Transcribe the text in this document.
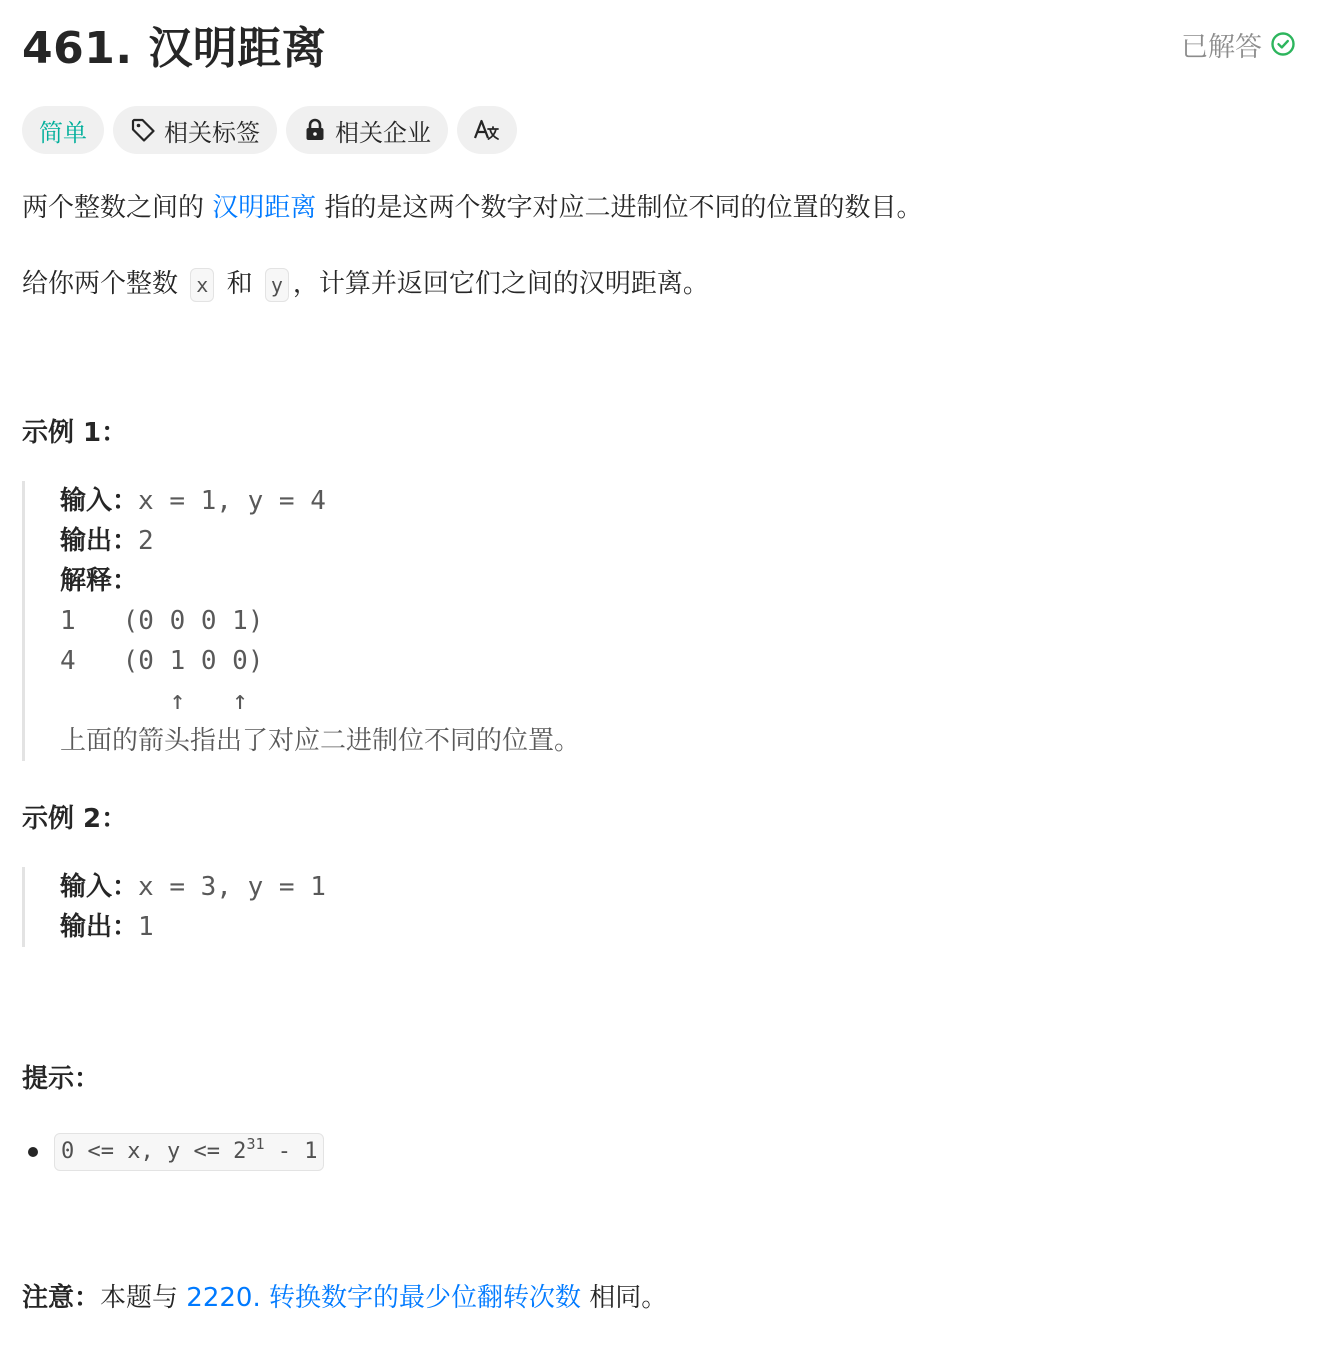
461. 汉明距离	已解答
简单	相关标签	相关企业
两个整数之间的 汉明距离 指的是这两个数字对应二进制位不同的位置的数目。
给你两个整数 x 和 y ，计算并返回它们之间的汉明距离。
示例 1：
输入：x = 1, y = 4
输出：2
解释：
1   (0 0 0 1)
4   (0 1 0 0)
↑   ↑
上面的箭头指出了对应二进制位不同的位置。
示例 2：
输入：x = 3, y = 1
输出：1
提示：
0 <= x, $y <= 2^{31} - 1$
注意：本题与 2220. 转换数字的最少位翻转次数 相同。
